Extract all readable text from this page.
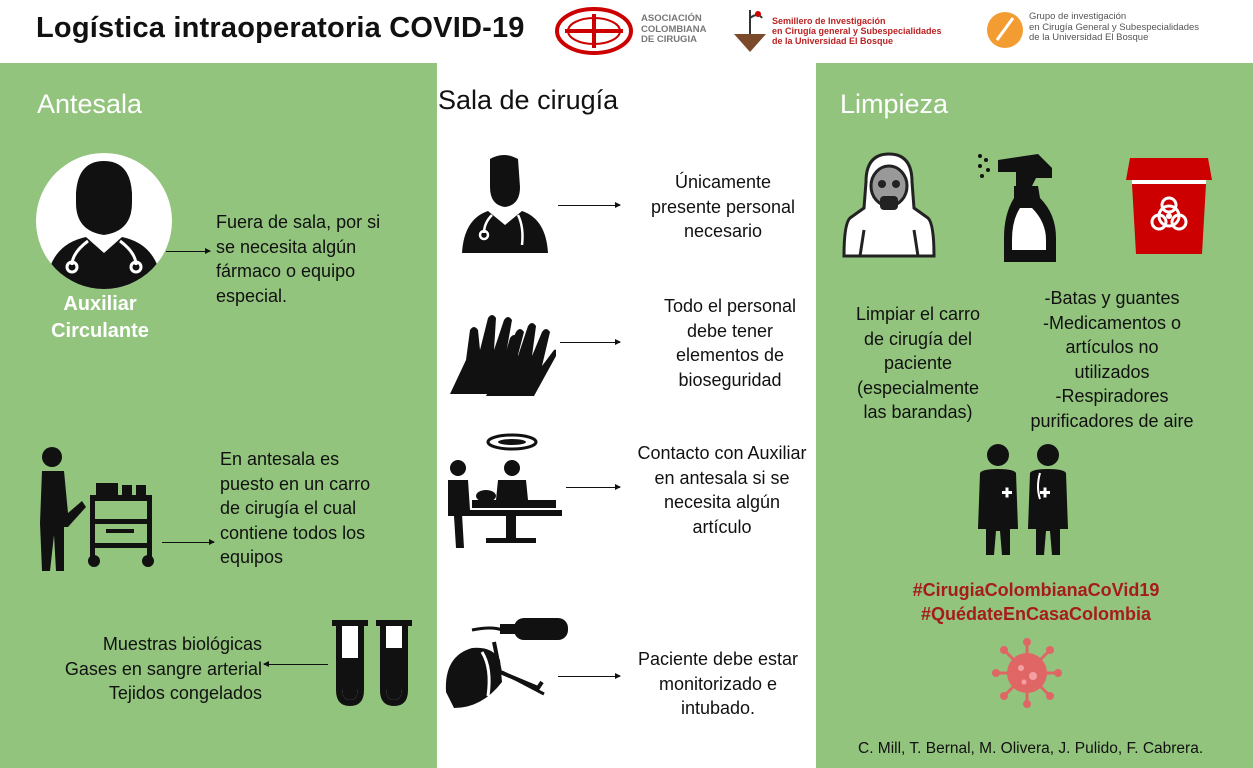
Logística intraoperatoria COVID-19	ASOCIACIÓN
COLOMBIANA
DE CIRUGIA
Semillero de Investigación
en Cirugía general y Subespecialidades
de la Universidad El Bosque
Grupo de investigación
en Cirugía General y Subespecialidades
de la Universidad El Bosque
Antesala
Fuera de sala, por si
se necesita algún
fármaco o equipo
especial.
Auxiliar
Circulante
En antesala es
puesto en un carro
de cirugía el cual
contiene todos los
equipos
Muestras biológicas
Gases en sangre arterial
Tejidos congelados
Sala de cirugía
Únicamente
presente personal
necesario
Todo el personal
debe tener
elementos de
bioseguridad
Contacto con Auxiliar
en antesala si se
necesita algún
artículo
Paciente debe estar
monitorizado e
intubado.
Limpieza
Limpiar el carro
de cirugía del
paciente
(especialmente
las barandas)
-Batas y guantes
-Medicamentos o
artículos no
utilizados
-Respiradores
purificadores de aire
#CirugiaColombianaCoVid19
#QuédateEnCasaColombia
C. Mill, T. Bernal, M. Olivera, J. Pulido, F. Cabrera.
